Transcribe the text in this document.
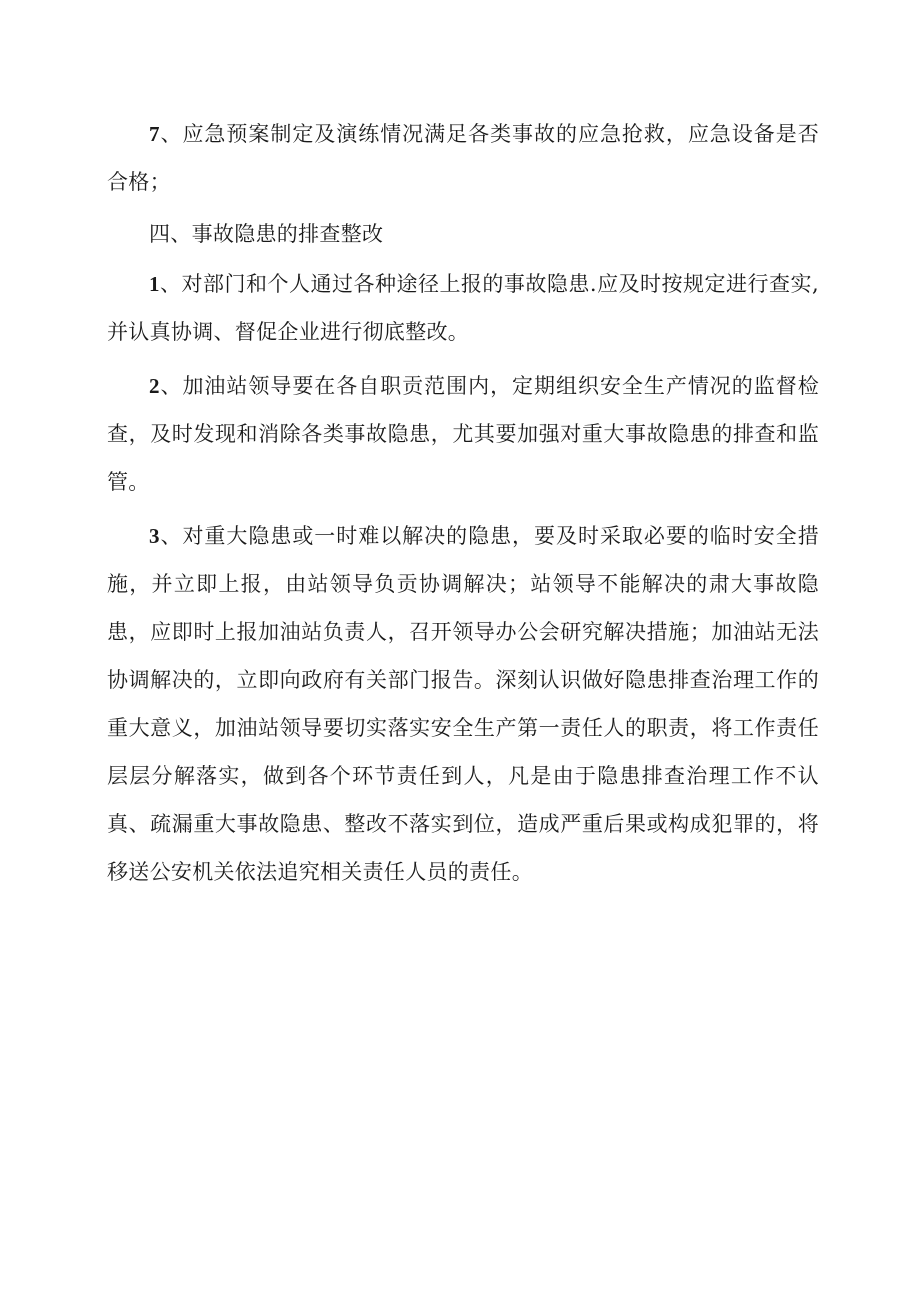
7、应急预案制定及演练情况满足各类事故的应急抢救，应急设备是否合格；

四、事故隐患的排查整改

1、对部门和个人通过各种途径上报的事故隐患.应及时按规定进行查实,并认真协调、督促企业进行彻底整改。

2、加油站领导要在各自职贡范围内，定期组织安全生产情况的监督检查，及时发现和消除各类事故隐患，尤其要加强对重大事故隐患的排查和监管。

3、对重大隐患或一时难以解决的隐患，要及时采取必要的临时安全措施，并立即上报，由站领导负贡协调解决；站领导不能解决的肃大事故隐患，应即时上报加油站负责人，召开领导办公会研究解决措施；加油站无法协调解决的，立即向政府有关部门报告。深刻认识做好隐患排查治理工作的重大意义，加油站领导要切实落实安全生产第一责任人的职责，将工作责任层层分解落实，做到各个环节责任到人，凡是由于隐患排查治理工作不认真、疏漏重大事故隐患、整改不落实到位，造成严重后果或构成犯罪的，将移送公安机关依法追究相关责任人员的责任。
